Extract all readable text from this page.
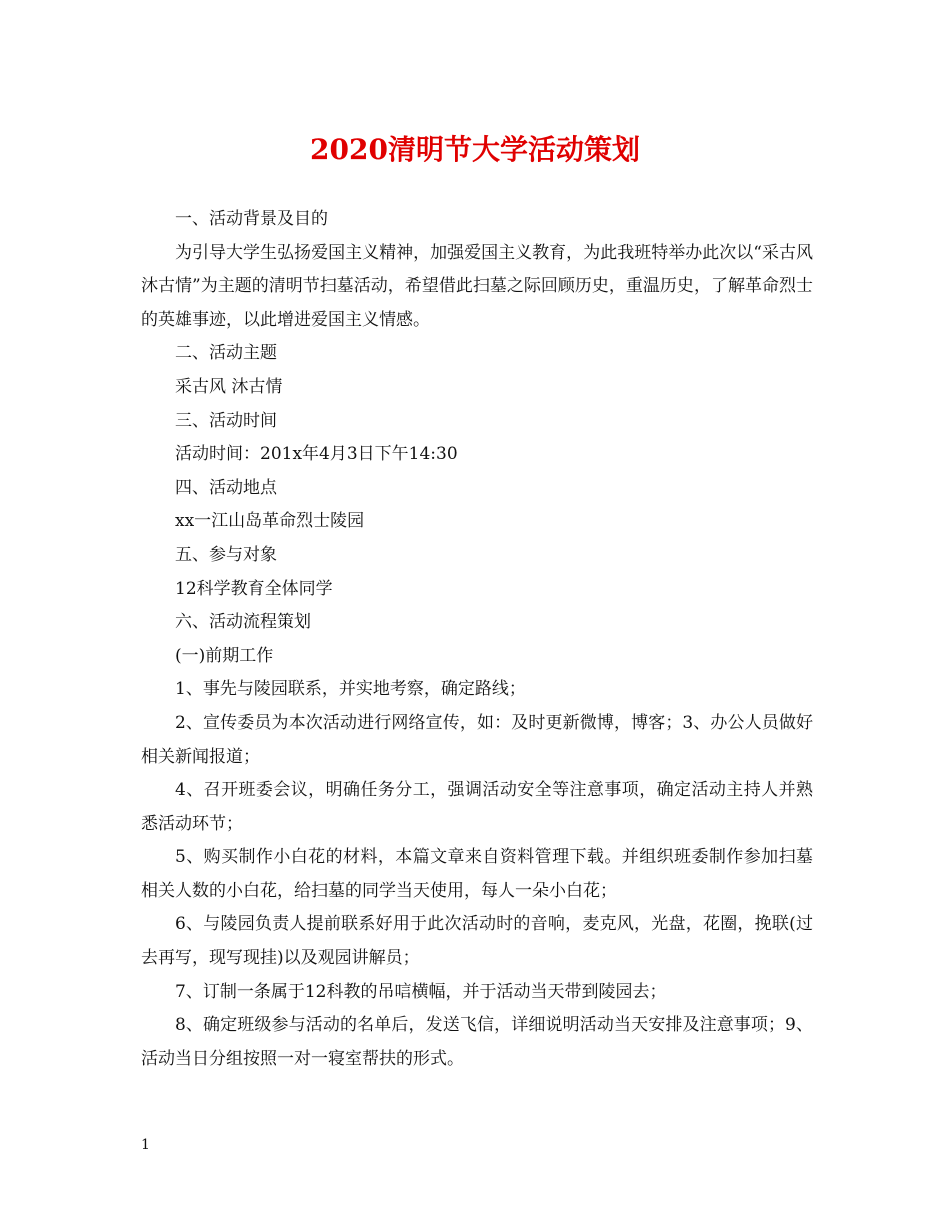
2020清明节大学活动策划

一、活动背景及目的

为引导大学生弘扬爱国主义精神，加强爱国主义教育，为此我班特举办此次以“采古风 沐古情”为主题的清明节扫墓活动，希望借此扫墓之际回顾历史，重温历史，了解革命烈士的英雄事迹，以此增进爱国主义情感。

二、活动主题

采古风 沐古情

三、活动时间

活动时间：201x年4月3日下午14:30

四、活动地点

xx一江山岛革命烈士陵园

五、参与对象

12科学教育全体同学

六、活动流程策划

(一)前期工作

1、事先与陵园联系，并实地考察，确定路线；

2、宣传委员为本次活动进行网络宣传，如：及时更新微博，博客；3、办公人员做好相关新闻报道；

4、召开班委会议，明确任务分工，强调活动安全等注意事项，确定活动主持人并熟悉活动环节；

5、购买制作小白花的材料，本篇文章来自资料管理下载。并组织班委制作参加扫墓相关人数的小白花，给扫墓的同学当天使用，每人一朵小白花；

6、与陵园负责人提前联系好用于此次活动时的音响，麦克风，光盘，花圈，挽联(过去再写，现写现挂)以及观园讲解员；

7、订制一条属于12科教的吊唁横幅，并于活动当天带到陵园去；

8、确定班级参与活动的名单后，发送飞信，详细说明活动当天安排及注意事项；9、活动当日分组按照一对一寝室帮扶的形式。

1
